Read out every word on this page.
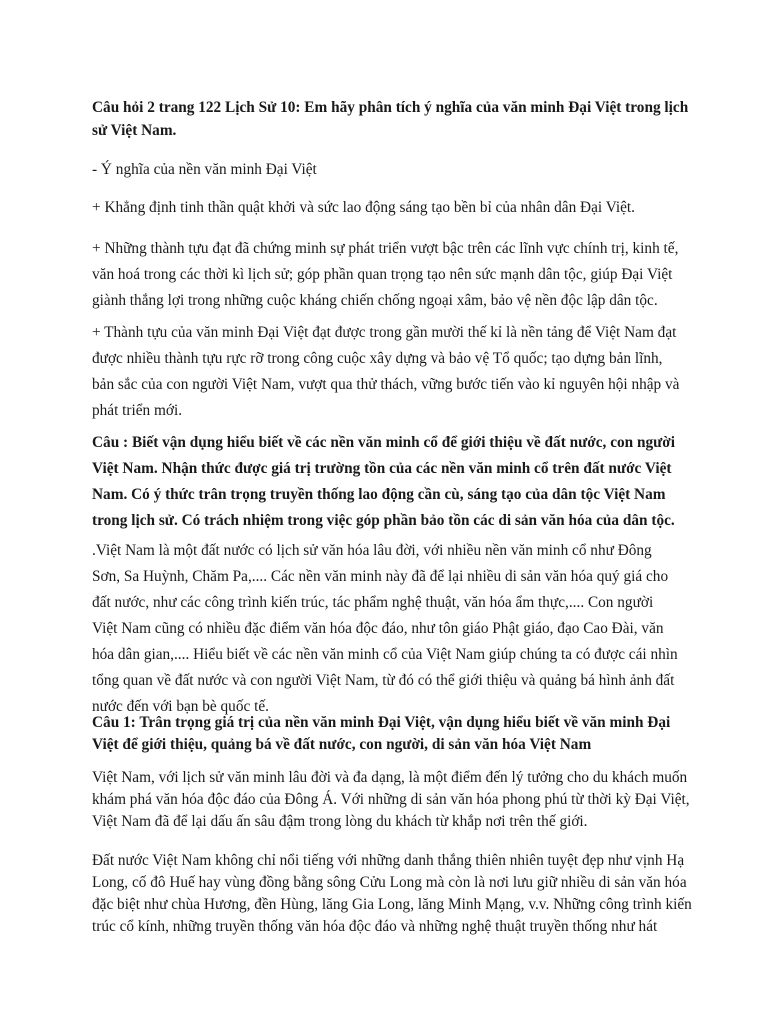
Câu hỏi 2 trang 122 Lịch Sử 10: Em hãy phân tích ý nghĩa của văn minh Đại Việt trong lịch sử Việt Nam.

- Ý nghĩa của nền văn minh Đại Việt

+ Khẳng định tinh thần quật khởi và sức lao động sáng tạo bền bỉ của nhân dân Đại Việt.

+ Những thành tựu đạt đã chứng minh sự phát triển vượt bậc trên các lĩnh vực chính trị, kinh tế, văn hoá trong các thời kì lịch sử; góp phần quan trọng tạo nên sức mạnh dân tộc, giúp Đại Việt giành thắng lợi trong những cuộc kháng chiến chống ngoại xâm, bảo vệ nền độc lập dân tộc.

+ Thành tựu của văn minh Đại Việt đạt được trong gần mười thế kỉ là nền tảng để Việt Nam đạt được nhiều thành tựu rực rỡ trong công cuộc xây dựng và bảo vệ Tổ quốc; tạo dựng bản lĩnh, bản sắc của con người Việt Nam, vượt qua thử thách, vững bước tiến vào kỉ nguyên hội nhập và phát triển mới.

Câu : Biết vận dụng hiểu biết về các nền văn minh cổ để giới thiệu về đất nước, con người Việt Nam. Nhận thức được giá trị trường tồn của các nền văn minh cổ trên đất nước Việt Nam. Có ý thức trân trọng truyền thống lao động cần cù, sáng tạo của dân tộc Việt Nam trong lịch sử. Có trách nhiệm trong việc góp phần bảo tồn các di sản văn hóa của dân tộc.

.Việt Nam là một đất nước có lịch sử văn hóa lâu đời, với nhiều nền văn minh cổ như Đông Sơn, Sa Huỳnh, Chăm Pa,.... Các nền văn minh này đã để lại nhiều di sản văn hóa quý giá cho đất nước, như các công trình kiến trúc, tác phẩm nghệ thuật, văn hóa ẩm thực,.... Con người Việt Nam cũng có nhiều đặc điểm văn hóa độc đáo, như tôn giáo Phật giáo, đạo Cao Đài, văn hóa dân gian,.... Hiểu biết về các nền văn minh cổ của Việt Nam giúp chúng ta có được cái nhìn tổng quan về đất nước và con người Việt Nam, từ đó có thể giới thiệu và quảng bá hình ảnh đất nước đến với bạn bè quốc tế.

Câu 1: Trân trọng giá trị của nền văn minh Đại Việt, vận dụng hiểu biết về văn minh Đại Việt để giới thiệu, quảng bá về đất nước, con người, di sản văn hóa Việt Nam

Việt Nam, với lịch sử văn minh lâu đời và đa dạng, là một điểm đến lý tưởng cho du khách muốn khám phá văn hóa độc đáo của Đông Á. Với những di sản văn hóa phong phú từ thời kỳ Đại Việt, Việt Nam đã để lại dấu ấn sâu đậm trong lòng du khách từ khắp nơi trên thế giới.

Đất nước Việt Nam không chỉ nổi tiếng với những danh thắng thiên nhiên tuyệt đẹp như vịnh Hạ Long, cố đô Huế hay vùng đồng bằng sông Cửu Long mà còn là nơi lưu giữ nhiều di sản văn hóa đặc biệt như chùa Hương, đền Hùng, lăng Gia Long, lăng Minh Mạng, v.v. Những công trình kiến trúc cổ kính, những truyền thống văn hóa độc đáo và những nghệ thuật truyền thống như hát
